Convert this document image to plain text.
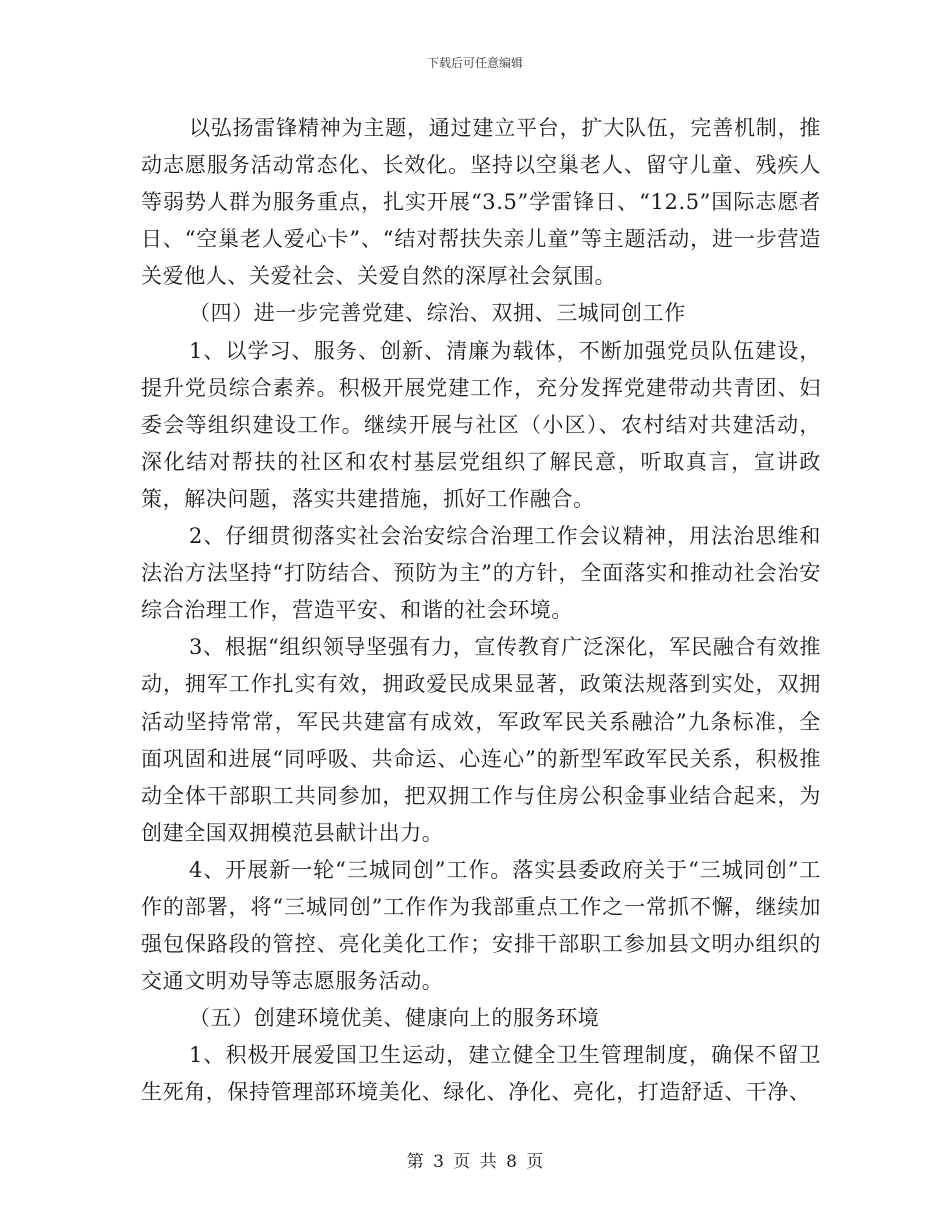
下载后可任意编辑

以弘扬雷锋精神为主题，通过建立平台，扩大队伍，完善机制，推动志愿服务活动常态化、长效化。坚持以空巢老人、留守儿童、残疾人等弱势人群为服务重点，扎实开展“3.5”学雷锋日、“12.5”国际志愿者日、“空巢老人爱心卡”、“结对帮扶失亲儿童”等主题活动，进一步营造关爱他人、关爱社会、关爱自然的深厚社会氛围。

（四）进一步完善党建、综治、双拥、三城同创工作

1、以学习、服务、创新、清廉为载体，不断加强党员队伍建设，提升党员综合素养。积极开展党建工作，充分发挥党建带动共青团、妇委会等组织建设工作。继续开展与社区（小区）、农村结对共建活动，深化结对帮扶的社区和农村基层党组织了解民意，听取真言，宣讲政策，解决问题，落实共建措施，抓好工作融合。

2、仔细贯彻落实社会治安综合治理工作会议精神，用法治思维和法治方法坚持“打防结合、预防为主”的方针，全面落实和推动社会治安综合治理工作，营造平安、和谐的社会环境。

3、根据“组织领导坚强有力，宣传教育广泛深化，军民融合有效推动，拥军工作扎实有效，拥政爱民成果显著，政策法规落到实处，双拥活动坚持常常，军民共建富有成效，军政军民关系融洽”九条标准，全面巩固和进展“同呼吸、共命运、心连心”的新型军政军民关系，积极推动全体干部职工共同参加，把双拥工作与住房公积金事业结合起来，为创建全国双拥模范县献计出力。

4、开展新一轮“三城同创”工作。落实县委政府关于“三城同创”工作的部署，将“三城同创”工作作为我部重点工作之一常抓不懈，继续加强包保路段的管控、亮化美化工作；安排干部职工参加县文明办组织的交通文明劝导等志愿服务活动。

（五）创建环境优美、健康向上的服务环境

1、积极开展爱国卫生运动，建立健全卫生管理制度，确保不留卫生死角，保持管理部环境美化、绿化、净化、亮化，打造舒适、干净、

第 3 页 共 8 页
